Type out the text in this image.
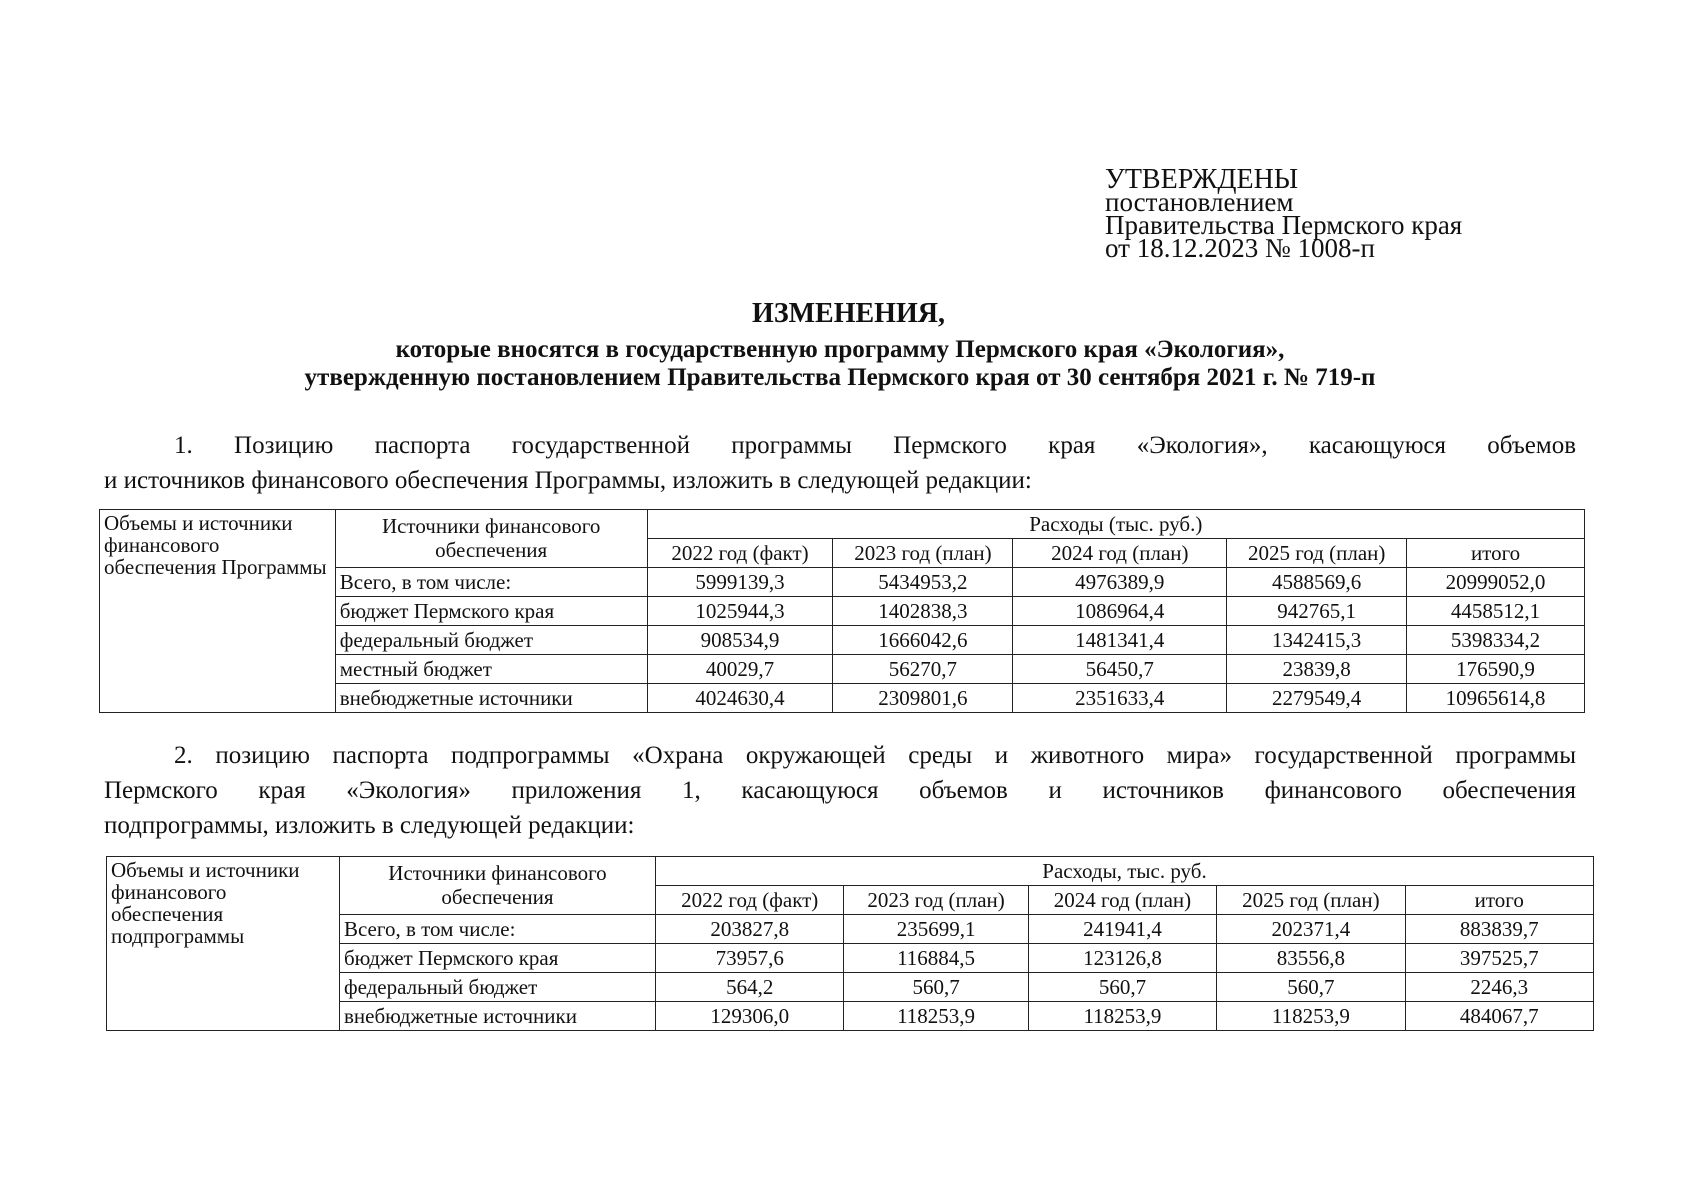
УТВЕРЖДЕНЫ
постановлением
Правительства Пермского края
от 18.12.2023 № 1008-п
ИЗМЕНЕНИЯ,
которые вносятся в государственную программу Пермского края «Экология»,
утвержденную постановлением Правительства Пермского края от 30 сентября 2021 г. № 719-п
1. Позицию паспорта государственной программы Пермского края «Экология», касающуюся объемов
и источников финансового обеспечения Программы, изложить в следующей редакции:
Объемы и источники финансового обеспечения Программы	Источники финансового обеспечения	Расходы (тыс. руб.)				
		2022 год (факт)	2023 год (план)	2024 год (план)	2025 год (план)	итого
	Всего, в том числе:	5999139,3	5434953,2	4976389,9	4588569,6	20999052,0
	бюджет Пермского края	1025944,3	1402838,3	1086964,4	942765,1	4458512,1
	федеральный бюджет	908534,9	1666042,6	1481341,4	1342415,3	5398334,2
	местный бюджет	40029,7	56270,7	56450,7	23839,8	176590,9
	внебюджетные источники	4024630,4	2309801,6	2351633,4	2279549,4	10965614,8
2. позицию паспорта подпрограммы «Охрана окружающей среды и животного мира» государственной программы
Пермского края «Экология» приложения 1, касающуюся объемов и источников финансового обеспечения
подпрограммы, изложить в следующей редакции:
Объемы и источники финансового обеспечения подпрограммы	Источники финансового обеспечения	Расходы, тыс. руб.				
		2022 год (факт)	2023 год (план)	2024 год (план)	2025 год (план)	итого
	Всего, в том числе:	203827,8	235699,1	241941,4	202371,4	883839,7
	бюджет Пермского края	73957,6	116884,5	123126,8	83556,8	397525,7
	федеральный бюджет	564,2	560,7	560,7	560,7	2246,3
	внебюджетные источники	129306,0	118253,9	118253,9	118253,9	484067,7
